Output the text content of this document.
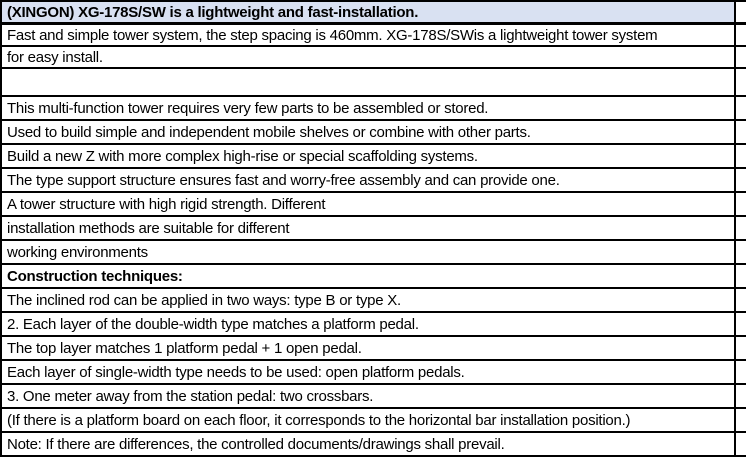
(XINGON) XG-178S/SW is a lightweight and fast-installation.
Fast and simple tower system, the step spacing is 460mm. XG-178S/SWis a lightweight tower system
for easy install.
This multi-function tower requires very few parts to be assembled or stored.
Used to build simple and independent mobile shelves or combine with other parts.
Build a new Z with more complex high-rise or special scaffolding systems.
The type support structure ensures fast and worry-free assembly and can provide one.
A tower structure with high rigid strength. Different
installation methods are suitable for different
working environments
Construction techniques:
The inclined rod can be applied in two ways: type B or type X.
2. Each layer of the double-width type matches a platform pedal.
The top layer matches 1 platform pedal + 1 open pedal.
Each layer of single-width type needs to be used: open platform pedals.
3. One meter away from the station pedal: two crossbars.
(If there is a platform board on each floor, it corresponds to the horizontal bar installation position.)
Note: If there are differences, the controlled documents/drawings shall prevail.
